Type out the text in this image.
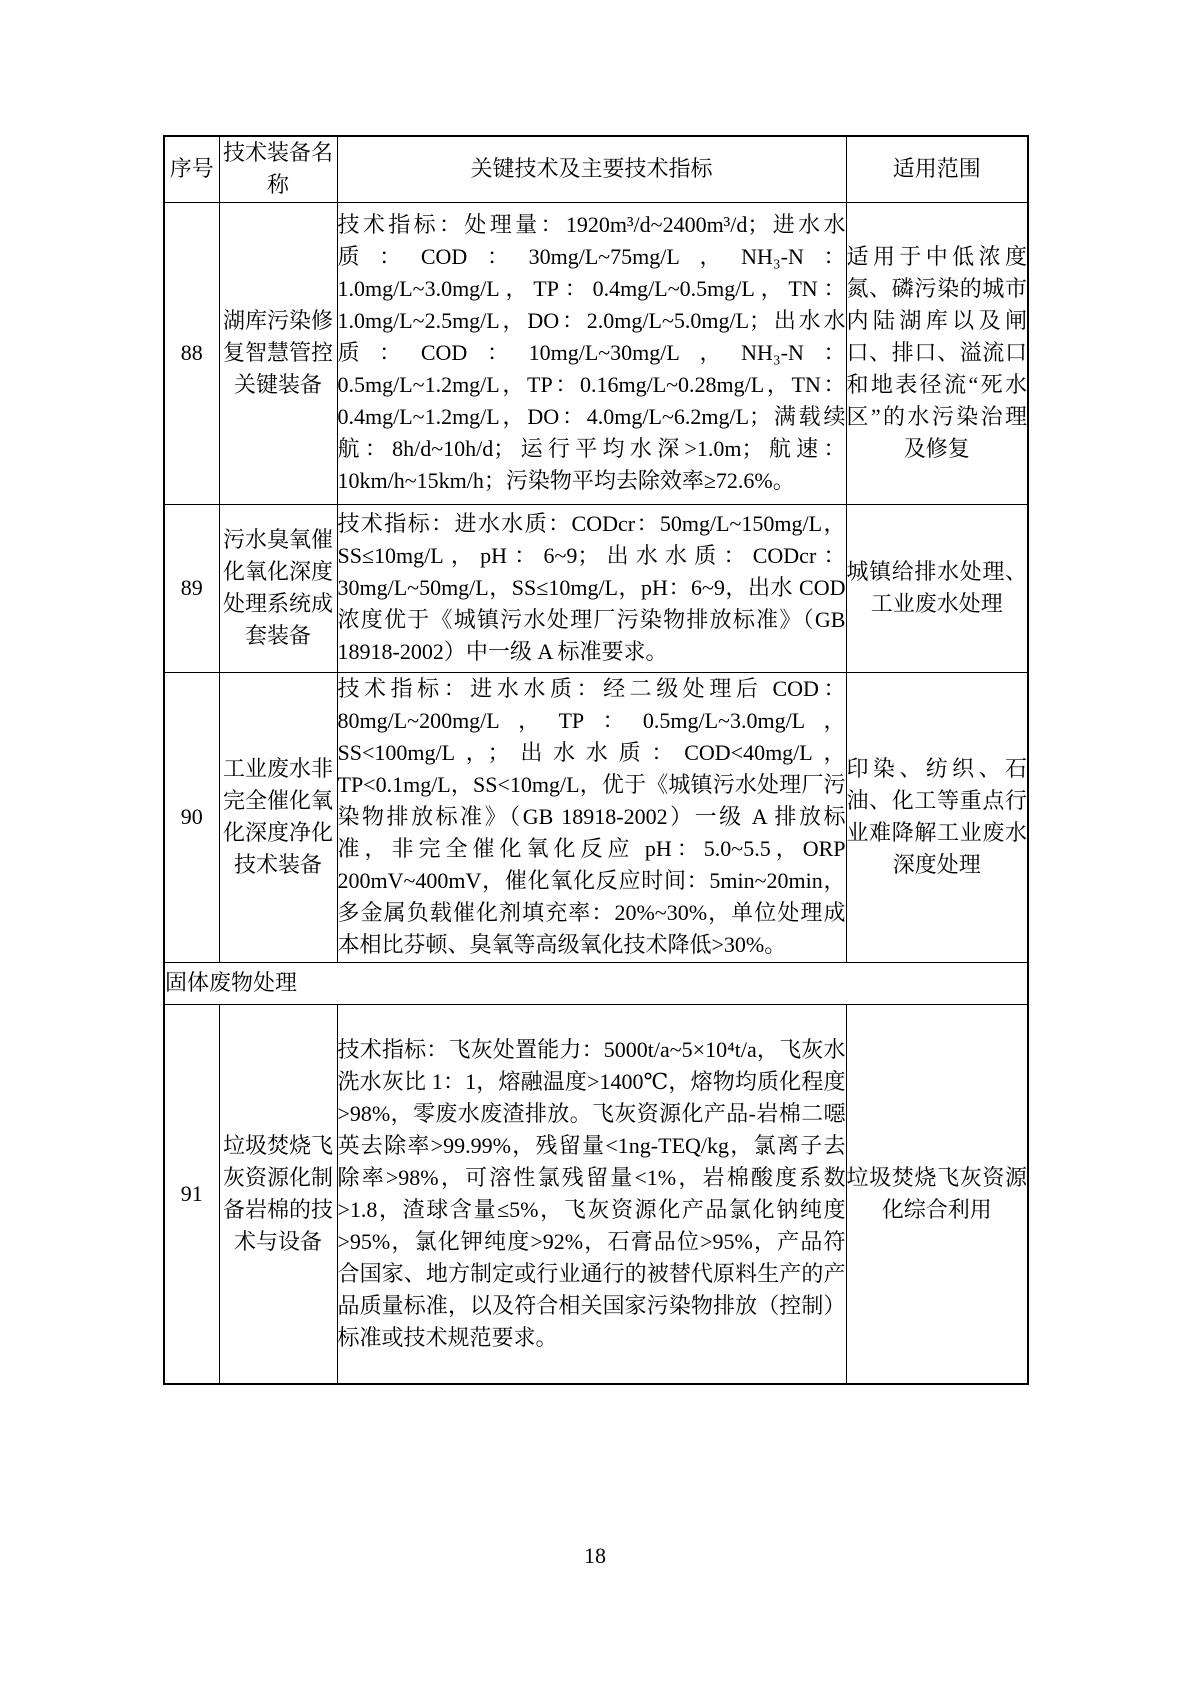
序号	技术装备名称	关键技术及主要技术指标	适用范围
88	湖库污染修复智慧管控关键装备	技术指标：处理量：1920m³/d~2400m³/d；进水水质：COD：30mg/L~75mg/L，NH₃-N：1.0mg/L~3.0mg/L，TP：0.4mg/L~0.5mg/L，TN：1.0mg/L~2.5mg/L，DO：2.0mg/L~5.0mg/L；出水水质：COD：10mg/L~30mg/L，NH₃-N：0.5mg/L~1.2mg/L，TP：0.16mg/L~0.28mg/L，TN：0.4mg/L~1.2mg/L，DO：4.0mg/L~6.2mg/L；满载续航：8h/d~10h/d；运行平均水深>1.0m；航速：10km/h~15km/h；污染物平均去除效率≥72.6%。	适用于中低浓度氮、磷污染的城市内陆湖库以及闸口、排口、溢流口和地表径流“死水区”的水污染治理及修复
89	污水臭氧催化氧化深度处理系统成套装备	技术指标：进水水质：CODcr：50mg/L~150mg/L，SS≤10mg/L，pH：6~9；出水水质：CODcr：30mg/L~50mg/L，SS≤10mg/L，pH：6~9，出水 COD 浓度优于《城镇污水处理厂污染物排放标准》（GB 18918-2002）中一级 A 标准要求。	城镇给排水处理、工业废水处理
90	工业废水非完全催化氧化深度净化技术装备	技术指标：进水水质：经二级处理后 COD：80mg/L~200mg/L，TP：0.5mg/L~3.0mg/L，SS<100mg/L，；出水水质：COD<40mg/L，TP<0.1mg/L，SS<10mg/L，优于《城镇污水处理厂污染物排放标准》（GB 18918-2002）一级 A 排放标准，非完全催化氧化反应 pH：5.0~5.5，ORP 200mV~400mV，催化氧化反应时间：5min~20min，多金属负载催化剂填充率：20%~30%，单位处理成本相比芬顿、臭氧等高级氧化技术降低>30%。	印染、纺织、石油、化工等重点行业难降解工业废水深度处理
固体废物处理			
91	垃圾焚烧飞灰资源化制备岩棉的技术与设备	技术指标：飞灰处置能力：5000t/a~5×10⁴t/a，飞灰水洗水灰比 1：1，熔融温度>1400℃，熔物均质化程度>98%，零废水废渣排放。飞灰资源化产品-岩棉二噁英去除率>99.99%，残留量<1ng-TEQ/kg，氯离子去除率>98%，可溶性氯残留量<1%，岩棉酸度系数>1.8，渣球含量≤5%，飞灰资源化产品氯化钠纯度>95%，氯化钾纯度>92%，石膏品位>95%，产品符合国家、地方制定或行业通行的被替代原料生产的产品质量标准，以及符合相关国家污染物排放（控制）标准或技术规范要求。	垃圾焚烧飞灰资源化综合利用
18
